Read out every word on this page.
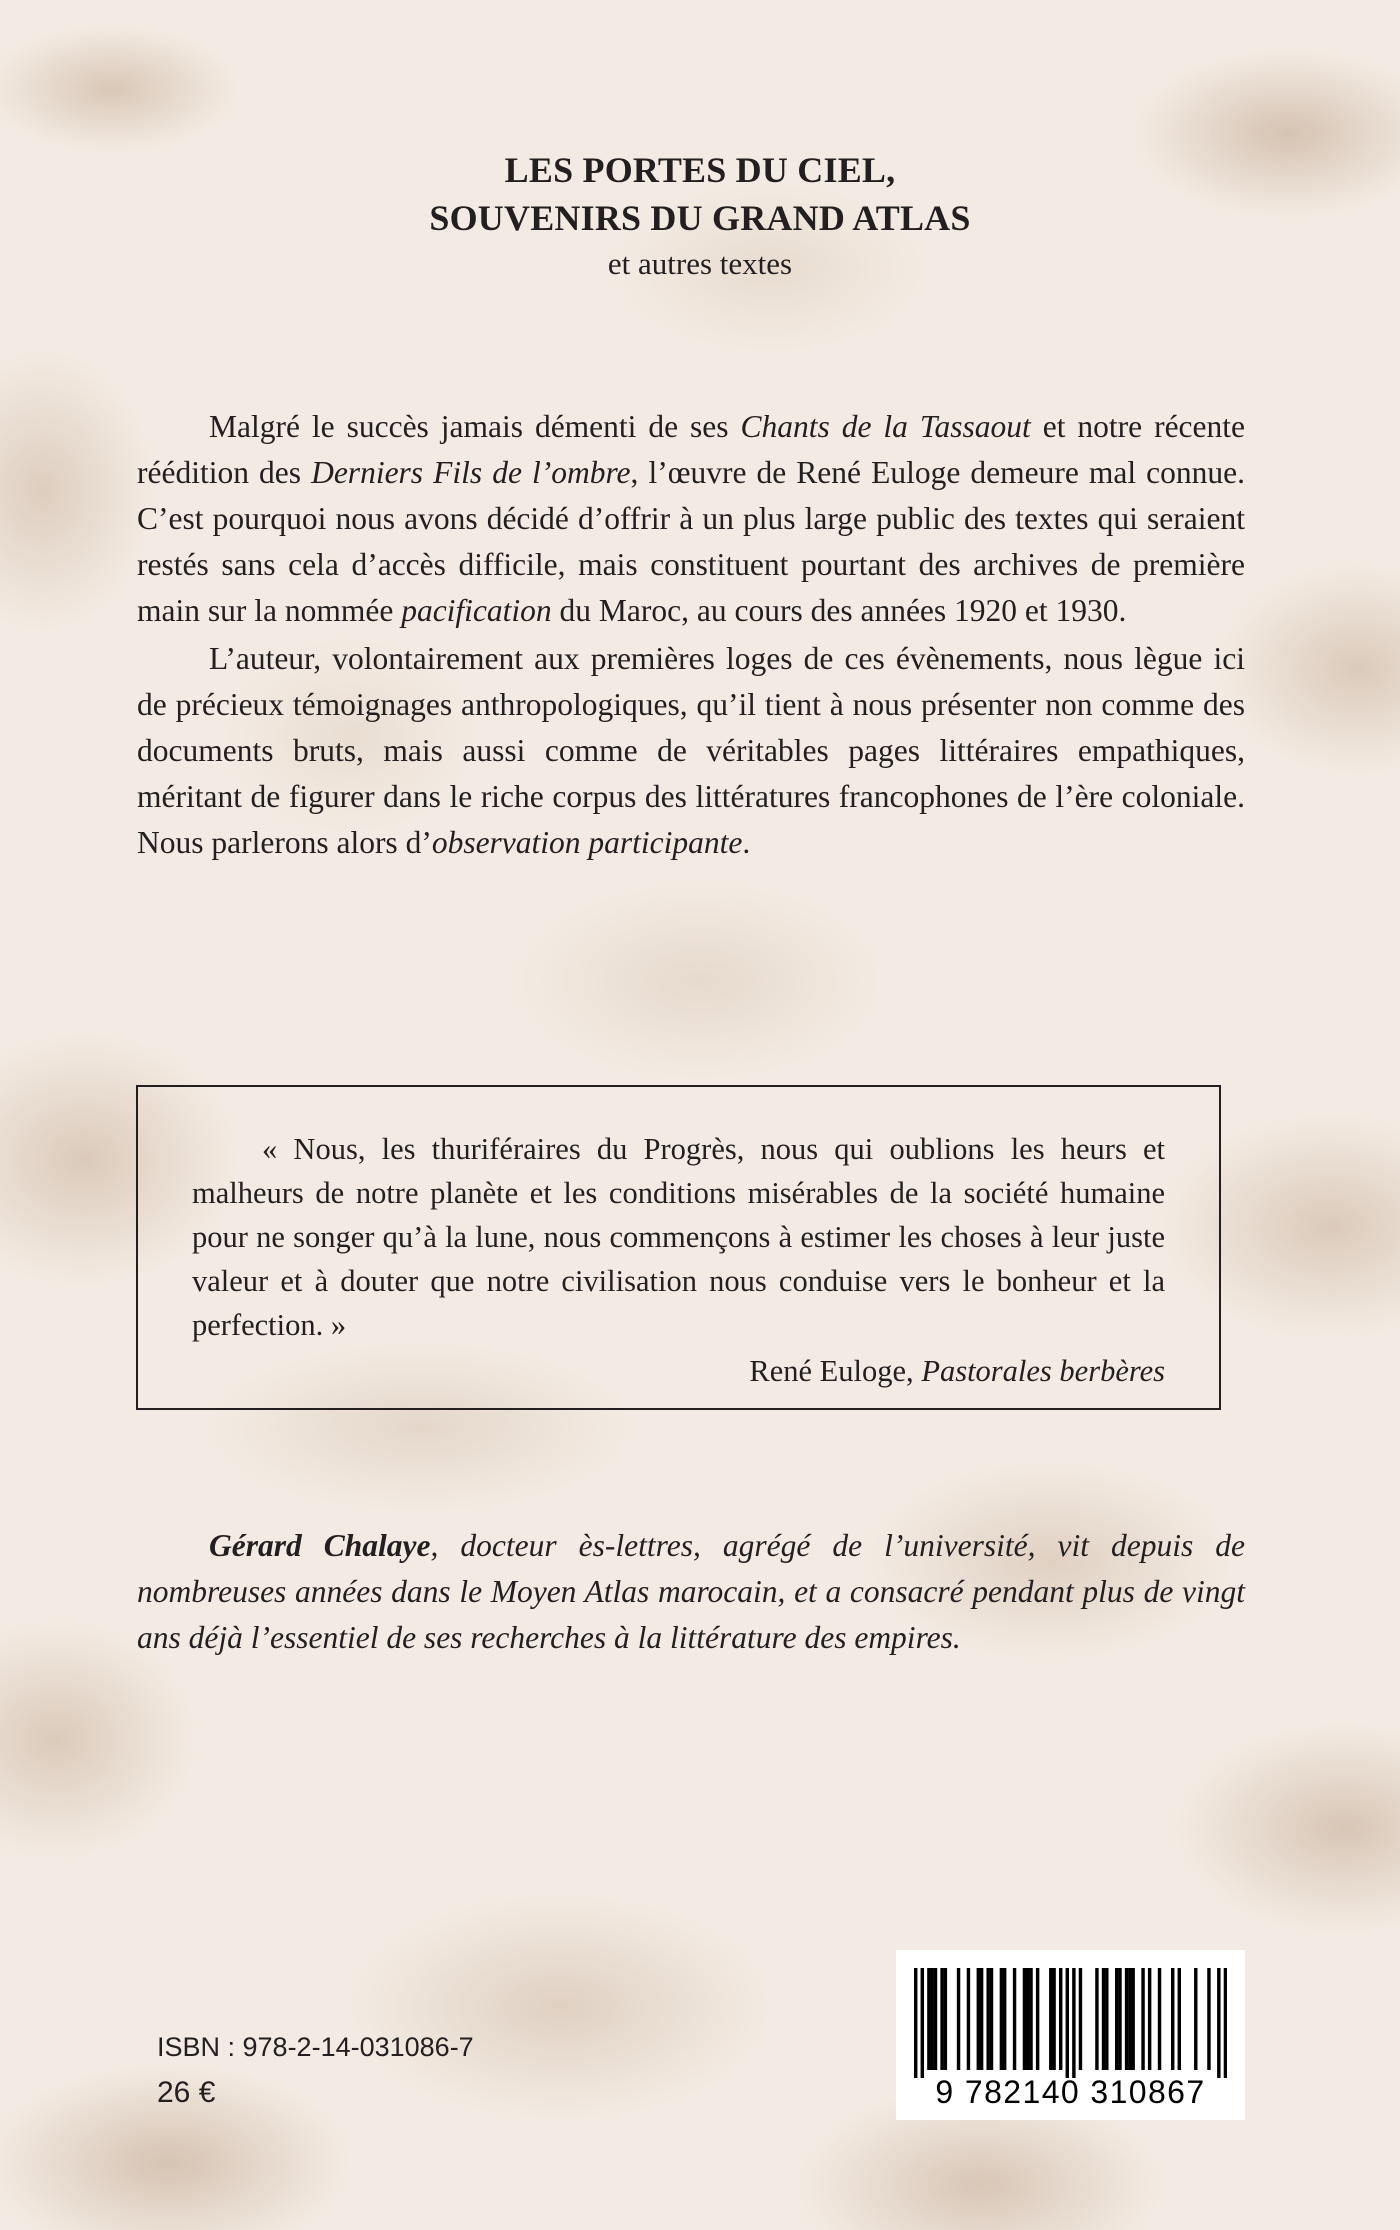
LES PORTES DU CIEL,
SOUVENIRS DU GRAND ATLAS
et autres textes

Malgré le succès jamais démenti de ses Chants de la Tassaout et notre récente réédition des Derniers Fils de l’ombre, l’œuvre de René Euloge demeure mal connue. C’est pourquoi nous avons décidé d’offrir à un plus large public des textes qui seraient restés sans cela d’accès difficile, mais constituent pourtant des archives de première main sur la nommée pacification du Maroc, au cours des années 1920 et 1930.

L’auteur, volontairement aux premières loges de ces évènements, nous lègue ici de précieux témoignages anthropologiques, qu’il tient à nous présenter non comme des documents bruts, mais aussi comme de véritables pages littéraires empathiques, méritant de figurer dans le riche corpus des littératures francophones de l’ère coloniale. Nous parlerons alors d’observation participante.

« Nous, les thuriféraires du Progrès, nous qui oublions les heurs et malheurs de notre planète et les conditions misérables de la société humaine pour ne songer qu’à la lune, nous commençons à estimer les choses à leur juste valeur et à douter que notre civilisation nous conduise vers le bonheur et la perfection. »

René Euloge, Pastorales berbères

Gérard Chalaye, docteur ès-lettres, agrégé de l’université, vit depuis de nombreuses années dans le Moyen Atlas marocain, et a consacré pendant plus de vingt ans déjà l’essentiel de ses recherches à la littérature des empires.

ISBN : 978-2-14-031086-7
26 €	9 782140 310867
